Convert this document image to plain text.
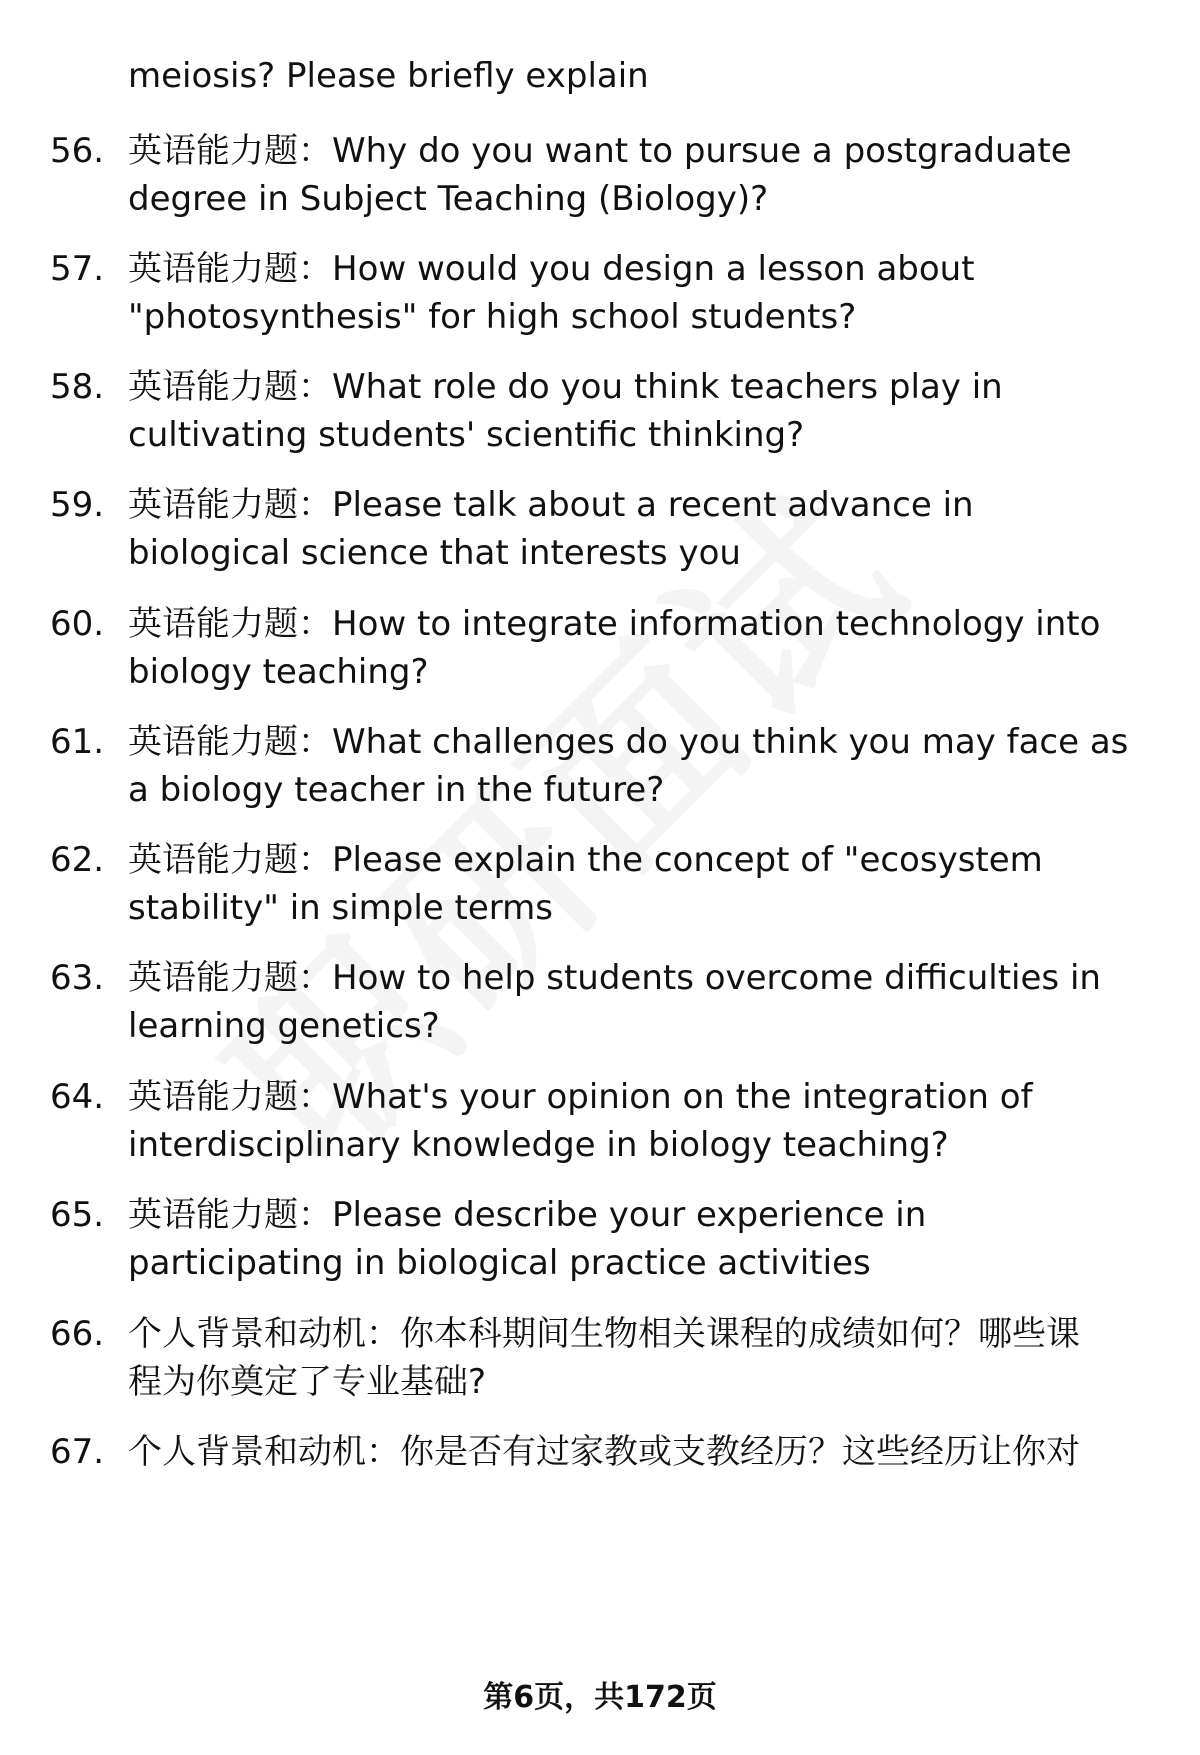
meiosis? Please briefly explain
56. 英语能力题：Why do you want to pursue a postgraduate
degree in Subject Teaching (Biology)?
57. 英语能力题：How would you design a lesson about
"photosynthesis" for high school students?
58. 英语能力题：What role do you think teachers play in
cultivating students' scientific thinking?
59. 英语能力题：Please talk about a recent advance in
biological science that interests you
60. 英语能力题：How to integrate information technology into
biology teaching?
61. 英语能力题：What challenges do you think you may face as
a biology teacher in the future?
62. 英语能力题：Please explain the concept of "ecosystem
stability" in simple terms
63. 英语能力题：How to help students overcome difficulties in
learning genetics?
64. 英语能力题：What's your opinion on the integration of
interdisciplinary knowledge in biology teaching?
65. 英语能力题：Please describe your experience in
participating in biological practice activities
66. 个人背景和动机：你本科期间生物相关课程的成绩如何？哪些课
程为你奠定了专业基础?
67. 个人背景和动机：你是否有过家教或支教经历？这些经历让你对
第6页，共172页
